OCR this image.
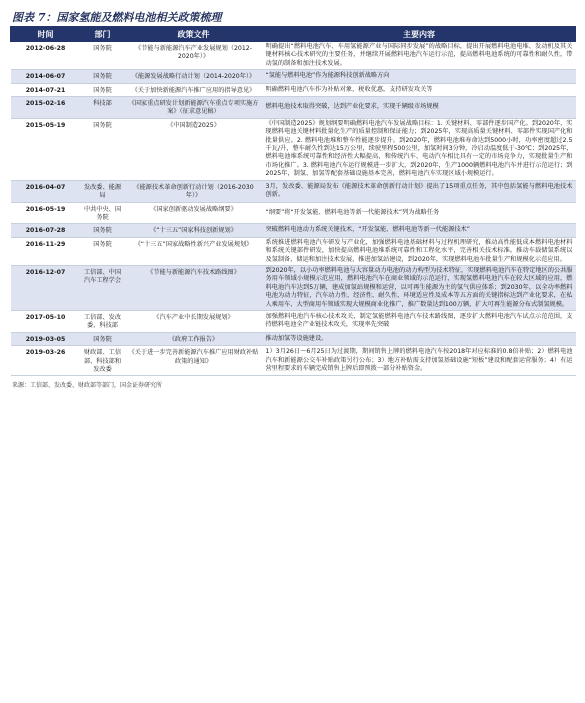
图表 7：国家氢能及燃料电池相关政策梳理
时间	部门	政策文件	主要内容
2012-06-28	国务院	《节能与新能源汽车产业发展规划（2012-2020年）》	明确提出“燃料电池汽车、车用氢能源产业与国际同步发展”的战略目标，提出开展燃料电池电堆、发动机及其关键材料核心技术研究的主要任务，并继续开展燃料电池汽车运行示范，提高燃料电池系统的可靠性和耐久性，带动氢的制备和加注技术发展。
2014-06-07	国务院	《能源发展战略行动计划（2014-2020年）》	“氢能与燃料电池”作为能源科技创新战略方向
2014-07-21	国务院	《关于加快新能源汽车推广应用的指导意见》	明确燃料电池汽车作为补贴对象，税收优惠，支持研发攻关等
2015-02-16	科技部	《国家重点研发计划新能源汽车重点专项实施方案》（征求意见稿）	燃料电池技术取得突破，达到产业化要求，实现千辆级市场规模
2015-05-19	国务院	《中国制造2025》	《中国制造2025》规划纲要明确燃料电池汽车发展战略目标：1. 关键材料、零部件逐步国产化。到2020年，实现燃料电池关键材料批量化生产的质量控制和保证能力；到2025年，实现高质量关键材料、零部件实现国产化和批量供应。2. 燃料电池堆和整车性能逐步提升。到2020年，燃料电池堆寿命达到5000小时，功率密度超过2.5千瓦/升，整车耐久性到达15万公里，续驶里程500公里，加氢时间3分钟，冷启动温度低于-30℃；到2025年，燃料电池堆系统可靠性和经济性大幅提高，和传统汽车、电动汽车相比具有一定的市场竞争力，实现批量生产和市场化推广。3. 燃料电池汽车运行规模进一步扩大，到2020年，生产1000辆燃料电池汽车并进行示范运行；到2025年，制氢、加氢等配套基础设施基本完善，燃料电池汽车实现区域小规模运行。
2016-04-07	发改委、能源局	《能源技术革命创新行动计划（2016-2030年）》	3月，发改委、能源局发布《能源技术革命创新行动计划》提出了15项重点任务，其中包括氢能与燃料电池技术创新。
2016-05-19	中共中央、国务院	《国家创新驱动发展战略纲要》	“纲要”将“开发氢能、燃料电池等新一代能源技术”列为战略任务
2016-07-28	国务院	《“十三五”国家科技创新规划》	突破燃料电池动力系统关键技术，“开发氢能、燃料电池等新一代能源技术”
2016-11-29	国务院	《“十三五”国家战略性新兴产业发展规划》	系统推进燃料电池汽车研发与产业化，加强燃料电池基础材料与过程机理研究，推动高性能低成本燃料电池材料和系统关键部件研发，加快提高燃料电池堆系统可靠性和工程化水平，完善相关技术标准。推动车载储氢系统以及氢制备、储运和加注技术发展，推进加氢站建设，到2020年，实现燃料电池车批量生产和规模化示范应用。
2016-12-07	工信部、中国汽车工程学会	《节能与新能源汽车技术路线图》	到2020年，以小功率燃料电池与大容量动力电池的动力构型为技术特征，实现燃料电池汽车在特定地区的公共服务用车领域小规模示范应用，燃料电池汽车在商业领域的示范运行，实现氢燃料电池汽车在较大区域的应用，燃料电池汽车达到5万辆，建成加氢站规模和运营，以可再生能源为主的氢气供应体系；到2030年，以全功率燃料电池为动力特征，汽车动力性、经济性、耐久性、环境适应性及成本等五方面的关键指标达到产业化要求，在私人乘用车、大型商用车领域实现大规模商业化推广，推广数量达到100万辆，扩大可再生能源分布式制氢规模。
2017-05-10	工信部、发改委、科技部	《汽车产业中长期发展规划》	加强燃料电池汽车核心技术攻关，制定氢能燃料电池汽车技术路线图，逐步扩大燃料电池汽车试点示范范围，支持燃料电池全产业链技术攻关，实现率先突破
2019-03-05	国务院	《政府工作报告》	推动加氢等设施建设。
2019-03-26	财政部、工信部、科技部和发改委	《关于进一步完善新能源汽车推广应用财政补贴政策的通知》	1）3月26日～6月25日为过渡期，期间销售上牌的燃料电池汽车按2018年对应标准的0.8倍补贴；2）燃料电池汽车和新能源公交车补贴政策另行公布；3）地方补贴需支持加氢基础设施“短板”建设和配套运营服务；4）有运营里程要求的车辆完成销售上牌后即预拨一部分补贴资金。
来源：工信部、发改委、财政部等部门，国金证券研究所
